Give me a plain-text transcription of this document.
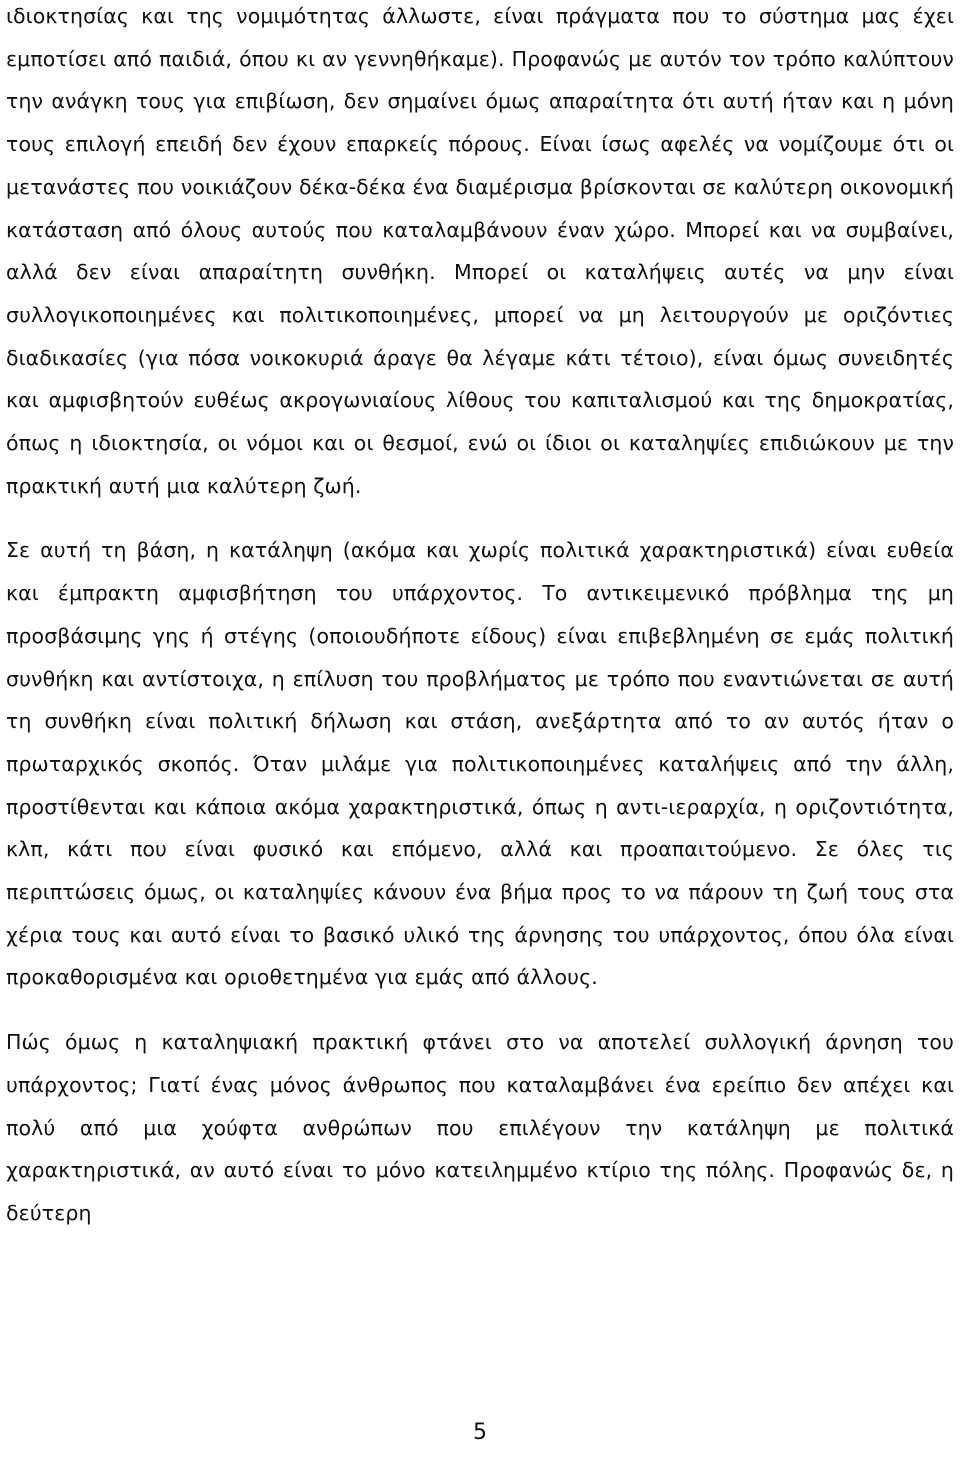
ιδιοκτησίας και της νομιμότητας άλλωστε, είναι πράγματα που το σύστημα μας έχει εμποτίσει από παιδιά, όπου κι αν γεννηθήκαμε). Προφανώς με αυτόν τον τρόπο καλύπτουν την ανάγκη τους για επιβίωση, δεν σημαίνει όμως απαραίτητα ότι αυτή ήταν και η μόνη τους επιλογή επειδή δεν έχουν επαρκείς πόρους. Είναι ίσως αφελές να νομίζουμε ότι οι μετανάστες που νοικιάζουν δέκα-δέκα ένα διαμέρισμα βρίσκονται σε καλύτερη οικονομική κατάσταση από όλους αυτούς που καταλαμβάνουν έναν χώρο. Μπορεί και να συμβαίνει, αλλά δεν είναι απαραίτητη συνθήκη. Μπορεί οι καταλήψεις αυτές να μην είναι συλλογικοποιημένες και πολιτικοποιημένες, μπορεί να μη λειτουργούν με οριζόντιες διαδικασίες (για πόσα νοικοκυριά άραγε θα λέγαμε κάτι τέτοιο), είναι όμως συνειδητές και αμφισβητούν ευθέως ακρογωνιαίους λίθους του καπιταλισμού και της δημοκρατίας, όπως η ιδιοκτησία, οι νόμοι και οι θεσμοί, ενώ οι ίδιοι οι καταληψίες επιδιώκουν με την πρακτική αυτή μια καλύτερη ζωή.

Σε αυτή τη βάση, η κατάληψη (ακόμα και χωρίς πολιτικά χαρακτηριστικά) είναι ευθεία και έμπρακτη αμφισβήτηση του υπάρχοντος. Το αντικειμενικό πρόβλημα της μη προσβάσιμης γης ή στέγης (οποιουδήποτε είδους) είναι επιβεβλημένη σε εμάς πολιτική συνθήκη και αντίστοιχα, η επίλυση του προβλήματος με τρόπο που εναντιώνεται σε αυτή τη συνθήκη είναι πολιτική δήλωση και στάση, ανεξάρτητα από το αν αυτός ήταν ο πρωταρχικός σκοπός. Όταν μιλάμε για πολιτικοποιημένες καταλήψεις από την άλλη, προστίθενται και κάποια ακόμα χαρακτηριστικά, όπως η αντι-ιεραρχία, η οριζοντιότητα, κλπ, κάτι που είναι φυσικό και επόμενο, αλλά και προαπαιτούμενο. Σε όλες τις περιπτώσεις όμως, οι καταληψίες κάνουν ένα βήμα προς το να πάρουν τη ζωή τους στα χέρια τους και αυτό είναι το βασικό υλικό της άρνησης του υπάρχοντος, όπου όλα είναι προκαθορισμένα και οριοθετημένα για εμάς από άλλους.

Πώς όμως η καταληψιακή πρακτική φτάνει στο να αποτελεί συλλογική άρνηση του υπάρχοντος; Γιατί ένας μόνος άνθρωπος που καταλαμβάνει ένα ερείπιο δεν απέχει και πολύ από μια χούφτα ανθρώπων που επιλέγουν την κατάληψη με πολιτικά χαρακτηριστικά, αν αυτό είναι το μόνο κατειλημμένο κτίριο της πόλης. Προφανώς δε, η δεύτερη

5
